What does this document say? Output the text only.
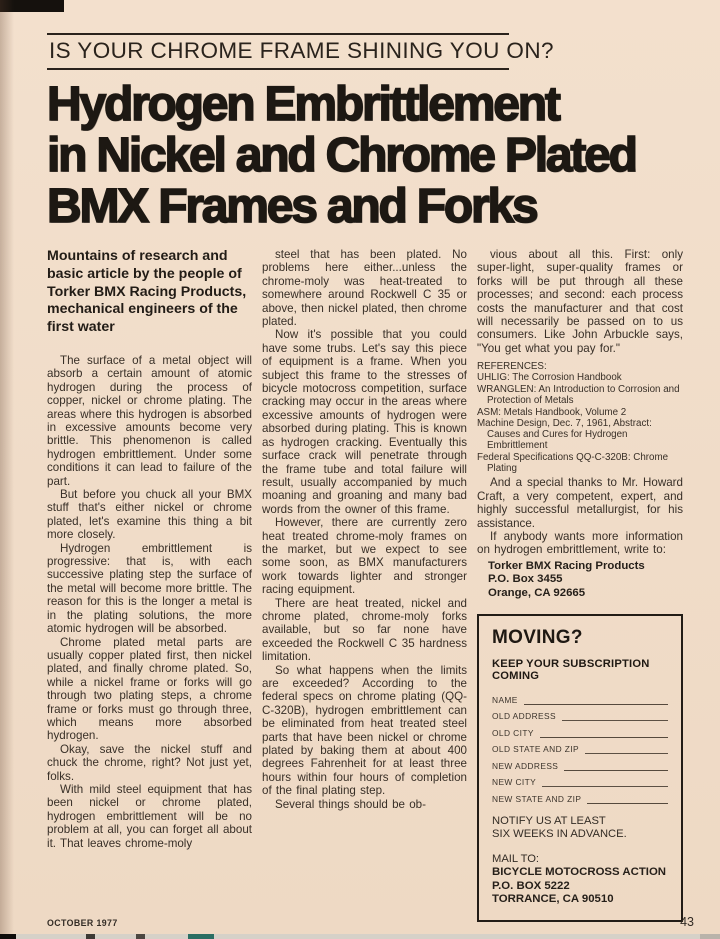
IS YOUR CHROME FRAME SHINING YOU ON?
Hydrogen Embrittlement
in Nickel and Chrome Plated
BMX Frames and Forks

Mountains of research and basic article by the people of Torker BMX Racing Products, mechanical engineers of the first water

The surface of a metal object will absorb a certain amount of atomic hydrogen during the process of copper, nickel or chrome plating. The areas where this hydrogen is absorbed in excessive amounts become very brittle. This phenomenon is called hydrogen embrittlement. Under some conditions it can lead to failure of the part.

But before you chuck all your BMX stuff that's either nickel or chrome plated, let's examine this thing a bit more closely.

Hydrogen embrittlement is progressive: that is, with each successive plating step the surface of the metal will become more brittle. The reason for this is the longer a metal is in the plating solutions, the more atomic hydrogen will be absorbed.

Chrome plated metal parts are usually copper plated first, then nickel plated, and finally chrome plated. So, while a nickel frame or forks will go through two plating steps, a chrome frame or forks must go through three, which means more absorbed hydrogen.

Okay, save the nickel stuff and chuck the chrome, right? Not just yet, folks.

With mild steel equipment that has been nickel or chrome plated, hydrogen embrittlement will be no problem at all, you can forget all about it. That leaves chrome-moly

steel that has been plated. No problems here either...unless the chrome-moly was heat-treated to somewhere around Rockwell C 35 or above, then nickel plated, then chrome plated.

Now it's possible that you could have some trubs. Let's say this piece of equipment is a frame. When you subject this frame to the stresses of bicycle motocross competition, surface cracking may occur in the areas where excessive amounts of hydrogen were absorbed during plating. This is known as hydrogen cracking. Eventually this surface crack will penetrate through the frame tube and total failure will result, usually accompanied by much moaning and groaning and many bad words from the owner of this frame.

However, there are currently zero heat treated chrome-moly frames on the market, but we expect to see some soon, as BMX manufacturers work towards lighter and stronger racing equipment.

There are heat treated, nickel and chrome plated, chrome-moly forks available, but so far none have exceeded the Rockwell C 35 hardness limitation.

So what happens when the limits are exceeded? According to the federal specs on chrome plating (QQ-C-320B), hydrogen embrittlement can be eliminated from heat treated steel parts that have been nickel or chrome plated by baking them at about 400 degrees Fahrenheit for at least three hours within four hours of completion of the final plating step.

Several things should be ob-

vious about all this. First: only super-light, super-quality frames or forks will be put through all these processes; and second: each process costs the manufacturer and that cost will necessarily be passed on to us consumers. Like John Arbuckle says, "You get what you pay for."

REFERENCES:

UHLIG: The Corrosion Handbook

WRANGLEN: An Introduction to Corrosion and Protection of Metals

ASM: Metals Handbook, Volume 2

Machine Design, Dec. 7, 1961, Abstract: Causes and Cures for Hydrogen Embrittlement

Federal Specifications QQ-C-320B: Chrome Plating

And a special thanks to Mr. Howard Craft, a very competent, expert, and highly successful metallurgist, for his assistance.

If anybody wants more information on hydrogen embrittlement, write to:

Torker BMX Racing Products
P.O. Box 3455
Orange, CA 92665
MOVING?
KEEP YOUR SUBSCRIPTION COMING
NAME
OLD ADDRESS
OLD CITY
OLD STATE AND ZIP
NEW ADDRESS
NEW CITY
NEW STATE AND ZIP
NOTIFY US AT LEAST
SIX WEEKS IN ADVANCE.
MAIL TO:
BICYCLE MOTOCROSS ACTION
P.O. BOX 5222
TORRANCE, CA 90510
OCTOBER 1977	43
